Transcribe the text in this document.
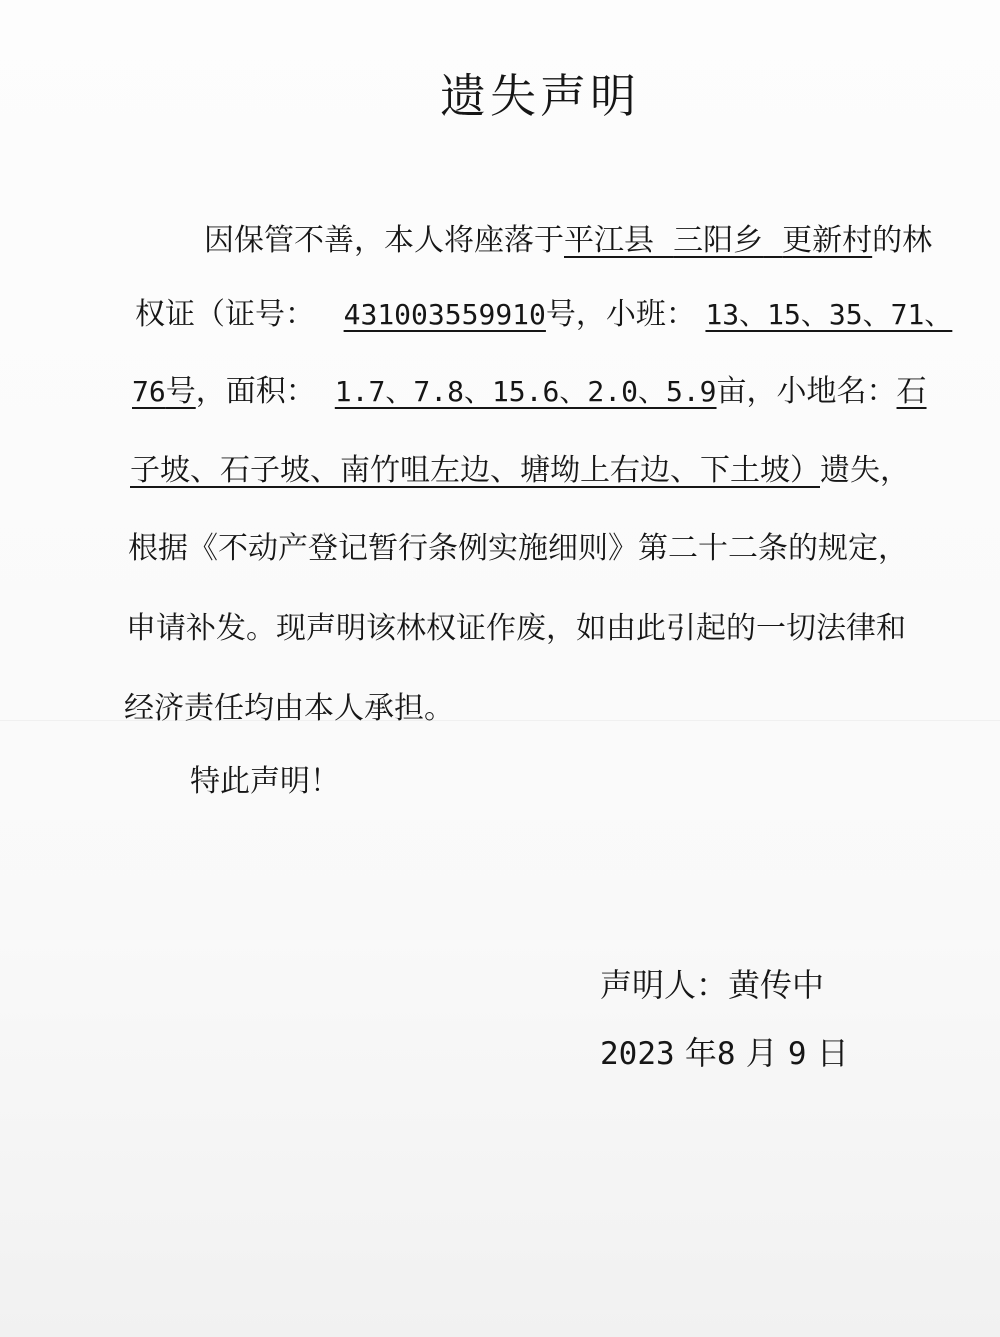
遗失声明
因保管不善，本人将座落于平江县 三阳乡 更新村的林
权证（证号： 431003559910号，小班： 13、15、35、71、
76号，面积： 1.7、7.8、15.6、2.0、5.9亩，小地名：石
子坡、石子坡、南竹咀左边、塘坳上右边、下土坡）遗失，
根据《不动产登记暂行条例实施细则》第二十二条的规定，
申请补发。现声明该林权证作废，如由此引起的一切法律和
经济责任均由本人承担。
特此声明！
声明人：黄传中
2023 年8 月 9 日
